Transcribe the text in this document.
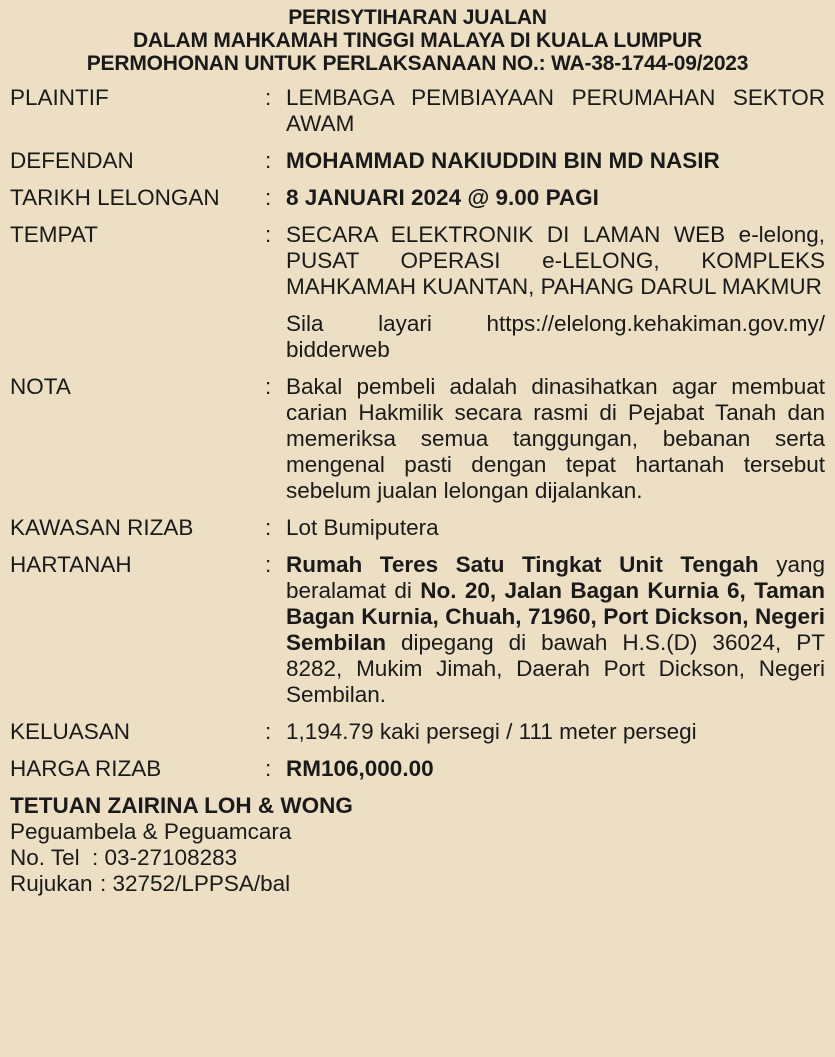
PERISYTIHARAN JUALAN
DALAM MAHKAMAH TINGGI MALAYA DI KUALA LUMPUR
PERMOHONAN UNTUK PERLAKSANAAN NO.: WA-38-1744-09/2023
PLAINTIF	: LEMBAGA PEMBIAYAAN PERUMAHAN SEKTOR AWAM
DEFENDAN	: MOHAMMAD NAKIUDDIN BIN MD NASIR
TARIKH LELONGAN	: 8 JANUARI 2024 @ 9.00 PAGI
TEMPAT	: SECARA ELEKTRONIK DI LAMAN WEB e-lelong, PUSAT OPERASI e-LELONG, KOMPLEKS MAHKAMAH KUANTAN, PAHANG DARUL MAKMUR

Sila layari https://elelong.kehakiman.gov.my/ bidderweb

NOTA	: Bakal pembeli adalah dinasihatkan agar membuat carian Hakmilik secara rasmi di Pejabat Tanah dan memeriksa semua tanggungan, bebanan serta mengenal pasti dengan tepat hartanah tersebut sebelum jualan lelongan dijalankan.
KAWASAN RIZAB	: Lot Bumiputera
HARTANAH	: Rumah Teres Satu Tingkat Unit Tengah yang beralamat di No. 20, Jalan Bagan Kurnia 6, Taman Bagan Kurnia, Chuah, 71960, Port Dickson, Negeri Sembilan dipegang di bawah H.S.(D) 36024, PT 8282, Mukim Jimah, Daerah Port Dickson, Negeri Sembilan.
KELUASAN	: 1,194.79 kaki persegi / 111 meter persegi
HARGA RIZAB	: RM106,000.00
TETUAN ZAIRINA LOH & WONG
Peguambela & Peguamcara
No. Tel : 03-27108283
Rujukan : 32752/LPPSA/bal
